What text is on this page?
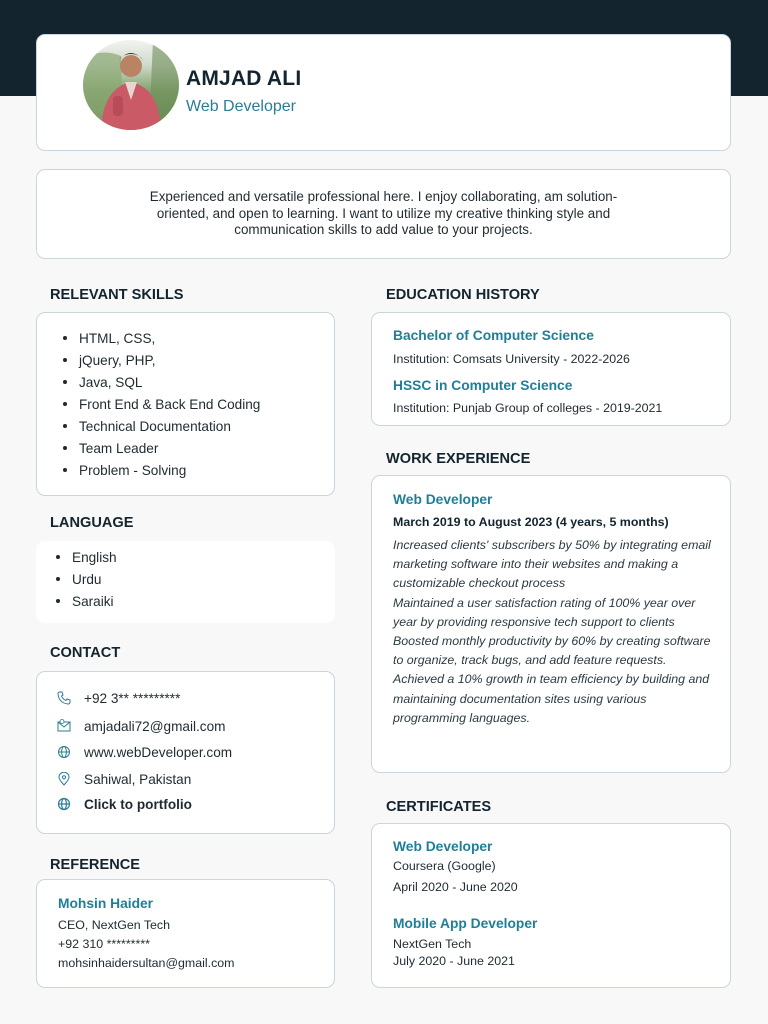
AMJAD ALI
Web Developer
Experienced and versatile professional here. I enjoy collaborating, am solution-oriented, and open to learning. I want to utilize my creative thinking style and communication skills to add value to your projects.
RELEVANT SKILLS
HTML, CSS,
jQuery, PHP,
Java, SQL
Front End & Back End Coding
Technical Documentation
Team Leader
Problem - Solving
LANGUAGE
English
Urdu
Saraiki
CONTACT
+92 3** *********
amjadali72@gmail.com
www.webDeveloper.com
Sahiwal, Pakistan
Click to portfolio
REFERENCE
Mohsin Haider
CEO, NextGen Tech
+92 310 *********
mohsinhaidersultan@gmail.com
EDUCATION HISTORY
Bachelor of Computer Science
Institution: Comsats University - 2022-2026
HSSC in Computer Science
Institution: Punjab Group of colleges - 2019-2021
WORK EXPERIENCE
Web Developer
March 2019 to August 2023 (4 years, 5 months)

Increased clients' subscribers by 50% by integrating email marketing software into their websites and making a customizable checkout process

Maintained a user satisfaction rating of 100% year over year by providing responsive tech support to clients

Boosted monthly productivity by 60% by creating software to organize, track bugs, and add feature requests.

Achieved a 10% growth in team efficiency by building and maintaining documentation sites using various programming languages.

CERTIFICATES
Web Developer
Coursera (Google)
April 2020 - June 2020
Mobile App Developer
NextGen Tech
July 2020 - June 2021
